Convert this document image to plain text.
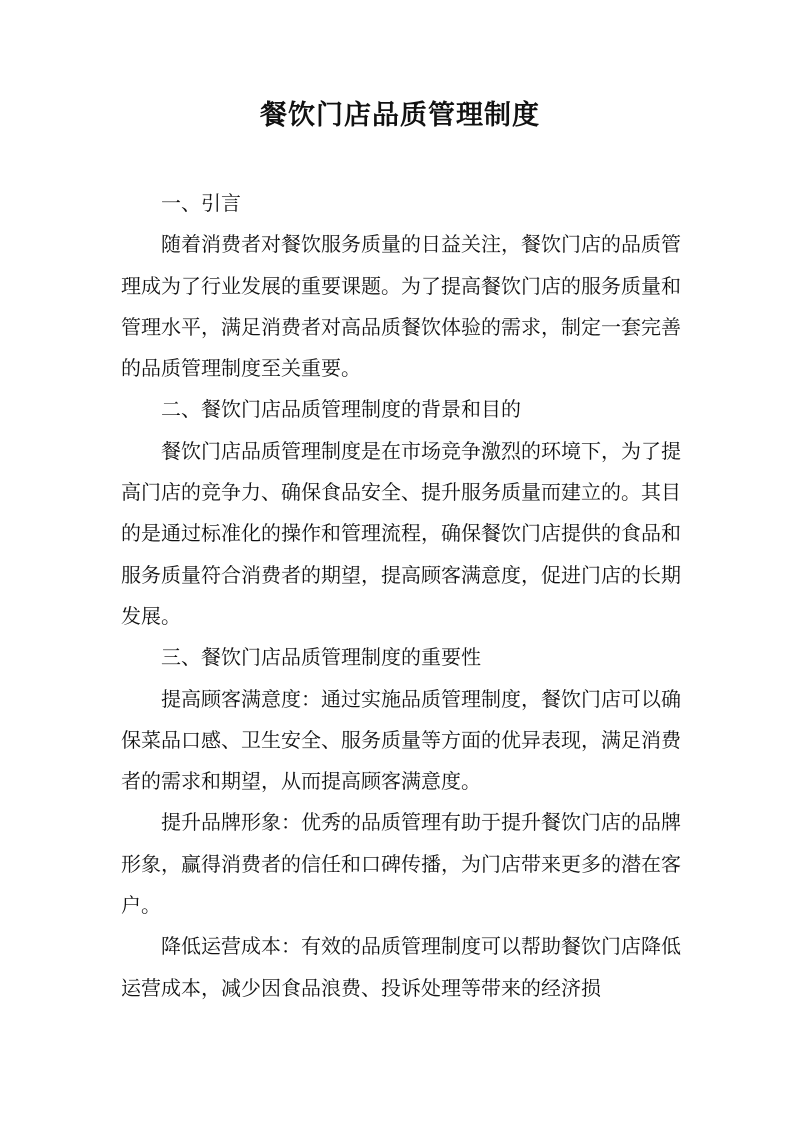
餐饮门店品质管理制度

一、引言

随着消费者对餐饮服务质量的日益关注，餐饮门店的品质管理成为了行业发展的重要课题。为了提高餐饮门店的服务质量和管理水平，满足消费者对高品质餐饮体验的需求，制定一套完善的品质管理制度至关重要。

二、餐饮门店品质管理制度的背景和目的

餐饮门店品质管理制度是在市场竞争激烈的环境下，为了提高门店的竞争力、确保食品安全、提升服务质量而建立的。其目的是通过标准化的操作和管理流程，确保餐饮门店提供的食品和服务质量符合消费者的期望，提高顾客满意度，促进门店的长期发展。

三、餐饮门店品质管理制度的重要性

提高顾客满意度：通过实施品质管理制度，餐饮门店可以确保菜品口感、卫生安全、服务质量等方面的优异表现，满足消费者的需求和期望，从而提高顾客满意度。

提升品牌形象：优秀的品质管理有助于提升餐饮门店的品牌形象，赢得消费者的信任和口碑传播，为门店带来更多的潜在客户。

降低运营成本：有效的品质管理制度可以帮助餐饮门店降低运营成本，减少因食品浪费、投诉处理等带来的经济损
